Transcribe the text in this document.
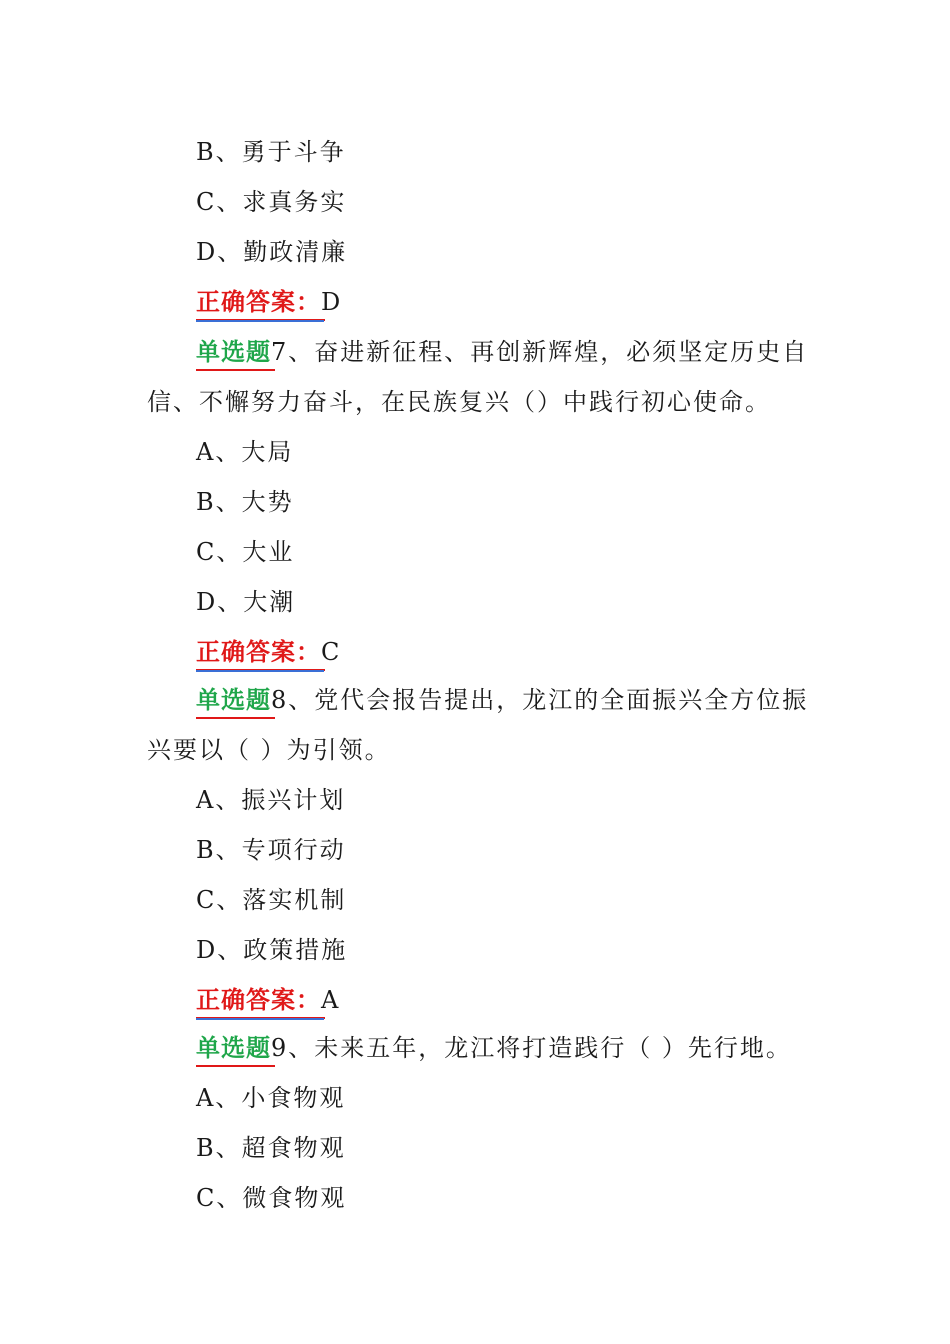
B、勇于斗争
C、求真务实
D、勤政清廉
正确答案：D
单选题7、奋进新征程、再创新辉煌，必须坚定历史自
信、不懈努力奋斗，在民族复兴（）中践行初心使命。
A、大局
B、大势
C、大业
D、大潮
正确答案：C
单选题8、党代会报告提出，龙江的全面振兴全方位振
兴要以（ ）为引领。
A、振兴计划
B、专项行动
C、落实机制
D、政策措施
正确答案：A
单选题9、未来五年，龙江将打造践行（ ）先行地。
A、小食物观
B、超食物观
C、微食物观
